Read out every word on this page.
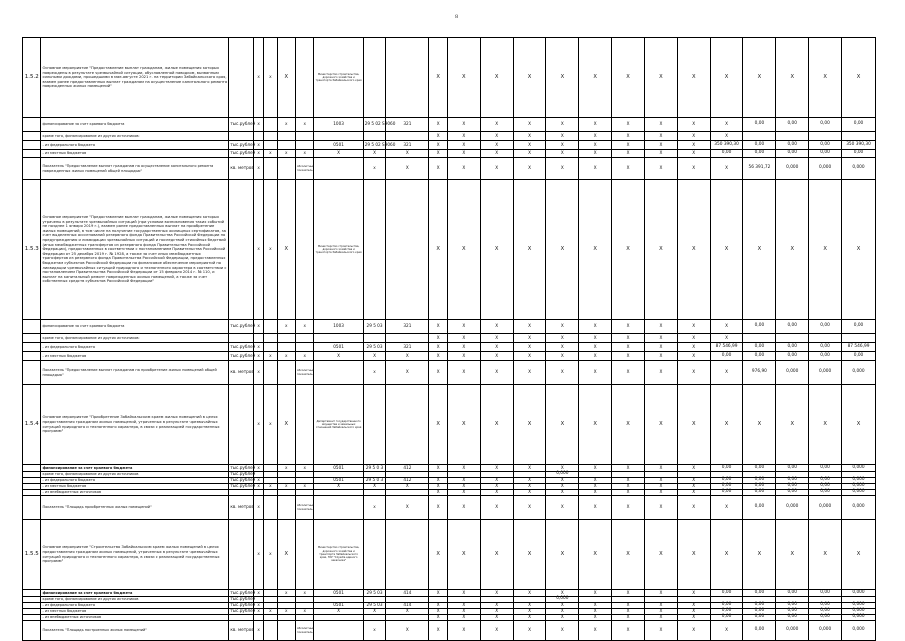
8
1.5.2	Основное мероприятие "Предоставление выплат гражданам, жилые помещения которых повреждены в результате чрезвычайной ситуации, обусловленной паводком, вызванным сильными дождями, прошедшими в мае-августе 2021 г. на территории Забайкальского края, взамен ранее предоставленных выплат гражданам на осуществление капитального ремонта поврежденных жилых помещений"		X	X	X		Министерство строительства, дорожного хозяйства и транспорта Забайкальского края			X	X	X	X	X	X	X	X	X	X	X	X	X	X
	финансирование за счет краевого бюджета	тыс.рублей	X		X	X	1003	29 5 02 S9060	321	X	X	X	X	X	X	X	X	X	X	0,00	0,00	0,00	0,00
	кроме того, финансирование из других источников:									X	X	X	X	X	X	X	X	X	X				
	- из федерального бюджета	тыс.рублей	X				0501	29 5 02 S9060	321	X	X	X	X	X	X	X	X	X	350 390,30	0,00	0,00	0,00	350 390,30
	- из местных бюджетов	тыс.рублей	X	X	X	X	X	X	X	X	X	X	X	X	X	X	X	X	0,00	0,00	0,00	0,00	0,00
	Показатель "Предоставление выплат гражданам на осуществление капитального ремонта поврежденных жилых помещений общей площадью"	кв. метров	X			Абсолютный показатель		X	X	X	X	X	X	X	X	X	X	X	X	56 391,72	0,000	0,000	0,000
1.5.3	Основное мероприятие "Предоставление выплат гражданам, жилые помещения которых утрачены в результате чрезвычайных ситуаций (при условии возникновения таких событий не позднее 1 января 2019 г.), взамен ранее предоставленных выплат на приобретение жилых помещений, в том числе на получение государственных жилищных сертификатов, за счет выделенных ассигнований резервного фонда Правительства Российской Федерации по предупреждению и ликвидации чрезвычайных ситуаций и последствий стихийных бедствий (иных межбюджетных трансфертов из резервного фонда Правительства Российской Федерации), предоставленных в соответствии с постановлением Правительства Российской Федерации от 25 декабря 2019 г. № 1928, а также за счет иных межбюджетных трансфертов из резервного фонда Правительства Российской Федерации, предоставленных бюджетам субъектов Российской Федерации на финансовое обеспечение мероприятий по ликвидации чрезвычайных ситуаций природного и техногенного характера в соответствии с постановлением Правительства Российской Федерации от 15 февраля 2014 г. № 110, и выплат на капитальный ремонт поврежденных жилых помещений, а также за счет собственных средств субъектов Российской Федерации"		X	X	X		Министерство строительства, дорожного хозяйства и транспорта Забайкальского края			X	X	X	X	X	X	X	X	X	X	X	X	X	X
	финансирование за счет краевого бюджета	тыс.рублей	X		X	X	1003	29 5 03	321	X	X	X	X	X	X	X	X	X	X	0,00	0,00	0,00	0,00
	кроме того, финансирование из других источников:									X	X	X	X	X	X	X	X	X	X				
	- из федерального бюджета	тыс.рублей	X				0501	29 5 03	321	X	X	X	X	X	X	X	X	X	87 546,99	0,00	0,00	0,00	87 546,99
	- из местных бюджетов	тыс.рублей	X	X	X	X	X	X	X	X	X	X	X	X	X	X	X	X	0,00	0,00	0,00	0,00	0,00
	Показатель "Предоставление выплат гражданам на приобретение жилых помещений общей площадью"	кв. метров	X			Абсолютный показатель		X	X	X	X	X	X	X	X	X	X	X	X	976,90	0,000	0,000	0,000
1.5.4	Основное мероприятие "Приобретение Забайкальским краем жилых помещений в целях предоставления гражданам жилых помещений, утраченных в результате чрезвычайных ситуаций природного и техногенного характера, в связи с реализацией государственных программ"		X	X	X		Департамент государственного имущества и земельных отношений Забайкальского края			X	X	X	X	X	X	X	X	X	X	X	X	X	X
	финансирование за счет краевого бюджета	тыс.рублей	X		X	X	0501	29 5 0 3	412	X	X	X	X	X	X	X	X	X	0,00	0,00	0,00	0,00	0,000
	кроме того, финансирование из других источников	тыс.рублей												0,000									
	- из федерального бюджета	тыс.рублей	X				0501	29 5 0 3	412	X	X	X	X	X	X	X	X	X	0,00	0,00	0,00	0,00	0,000
	- из местных бюджетов	тыс.рублей	X	X	X	X	X	X	X	X	X	X	X	X	X	X	X	X	0,00	0,00	0,00	0,00	0,000
	- из внебюджетных источников									X	X	X	X	X	X	X	X	X	0,00	0,00	0,00	0,00	0,000
	Показатель "Площадь приобретенных жилых помещений"	кв. метров	X			Абсолютный показатель		X	X	X	X	X	X	X	X	X	X	X	X	0,00	0,000	0,000	0,000
1.5.5	Основное мероприятие "Строительство Забайкальским краем жилых помещений в целях предоставления гражданам жилых помещений, утраченных в результате чрезвычайных ситуаций природного и техногенного характера, в связи с реализацией государственных программ"		X	X	X		Министерство строительства, дорожного хозяйства и транспорта Забайкальского края, ГКУ "Служба единого заказчика"			X	X	X	X	X	X	X	X	X	X	X	X	X	X
	финансирование за счет краевого бюджета	тыс.рублей	X		X	X	0501	29 5 03	414	X	X	X	X	X	X	X	X	X	0,00	0,00	0,00	0,00	0,000
	кроме того, финансирование из других источников	тыс.рублей												0,000									
	- из федерального бюджета	тыс.рублей	X				0501	29 5 03	414	X	X	X	X	X	X	X	X	X	0,00	0,00	0,00	0,00	0,000
	- из местных бюджетов	тыс.рублей	X	X	X	X	X	X	X	X	X	X	X	X	X	X	X	X	0,00	0,00	0,00	0,00	0,000
	- из внебюджетных источников									X	X	X	X	X	X	X	X	X	0,00	0,00	0,00	0,00	0,000
	Показатель "Площадь построенных жилых помещений"	кв. метров	X			Абсолютный показатель		X	X	X	X	X	X	X	X	X	X	X	X	0,00	0,000	0,000	0,000
